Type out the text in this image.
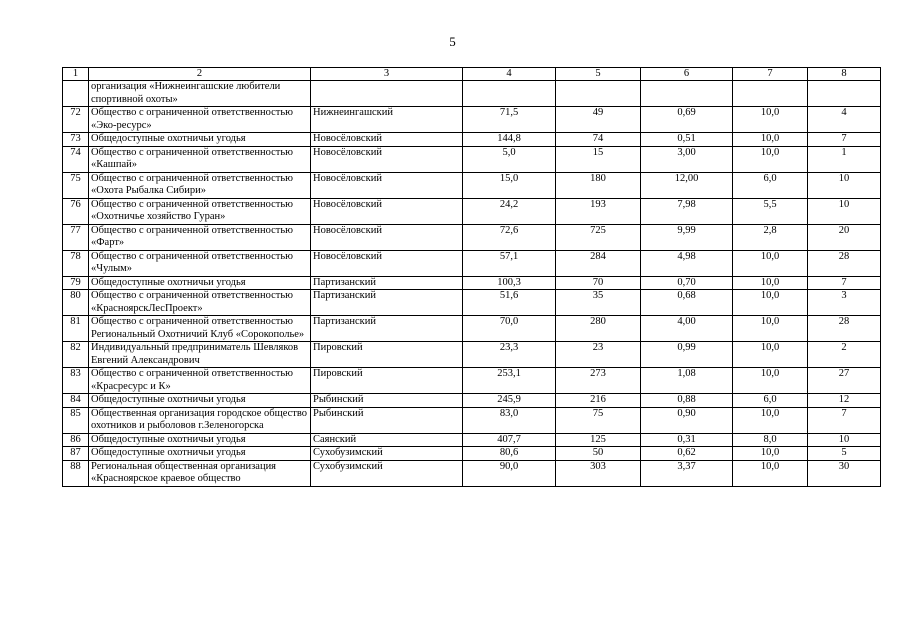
5
1	2	3	4	5	6	7	8
	организация «Нижнеингашские любители спортивной охоты»						
72	Общество с ограниченной ответственностью «Эко-ресурс»	Нижнеингашский	71,5	49	0,69	10,0	4
73	Общедоступные охотничьи угодья	Новосёловский	144,8	74	0,51	10,0	7
74	Общество с ограниченной ответственностью «Кашпай»	Новосёловский	5,0	15	3,00	10,0	1
75	Общество с ограниченной ответственностью «Охота Рыбалка Сибири»	Новосёловский	15,0	180	12,00	6,0	10
76	Общество с ограниченной ответственностью «Охотничье хозяйство Гуран»	Новосёловский	24,2	193	7,98	5,5	10
77	Общество с ограниченной ответственностью «Фарт»	Новосёловский	72,6	725	9,99	2,8	20
78	Общество с ограниченной ответственностью «Чулым»	Новосёловский	57,1	284	4,98	10,0	28
79	Общедоступные охотничьи угодья	Партизанский	100,3	70	0,70	10,0	7
80	Общество с ограниченной ответственностью «КрасноярскЛесПроект»	Партизанский	51,6	35	0,68	10,0	3
81	Общество с ограниченной ответственностью Региональный Охотничий Клуб «Сорокополье»	Партизанский	70,0	280	4,00	10,0	28
82	Индивидуальный предприниматель Шевляков Евгений Александрович	Пировский	23,3	23	0,99	10,0	2
83	Общество с ограниченной ответственностью «Красресурс и К»	Пировский	253,1	273	1,08	10,0	27
84	Общедоступные охотничьи угодья	Рыбинский	245,9	216	0,88	6,0	12
85	Общественная организация городское общество охотников и рыболовов г.Зеленогорска	Рыбинский	83,0	75	0,90	10,0	7
86	Общедоступные охотничьи угодья	Саянский	407,7	125	0,31	8,0	10
87	Общедоступные охотничьи угодья	Сухобузимский	80,6	50	0,62	10,0	5
88	Региональная общественная организация «Красноярское краевое общество	Сухобузимский	90,0	303	3,37	10,0	30
